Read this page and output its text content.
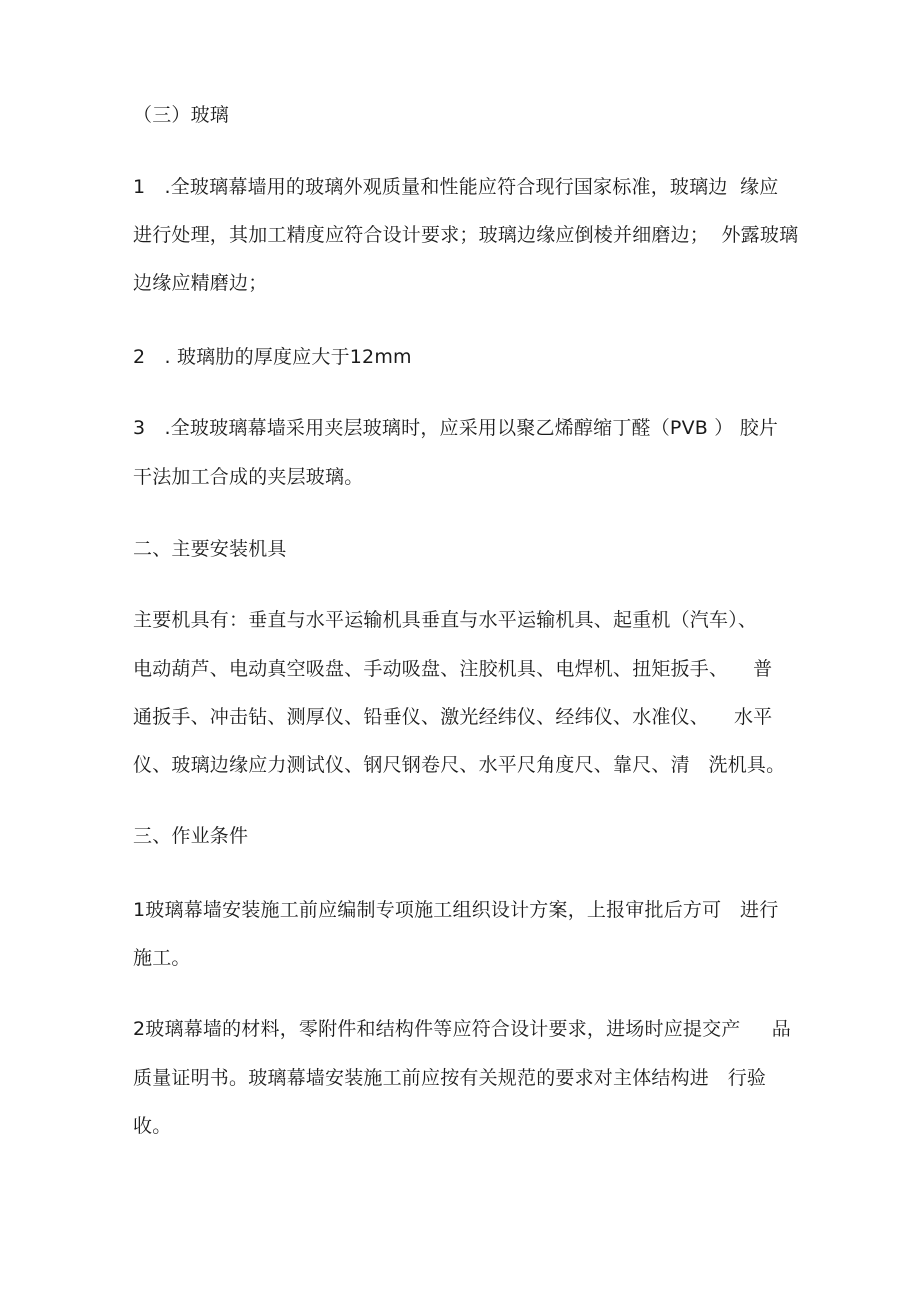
（三）玻璃
1　.全玻璃幕墙用的玻璃外观质量和性能应符合现行国家标准，玻璃边  缘应
进行处理，其加工精度应符合设计要求；玻璃边缘应倒棱并细磨边；  外露玻璃
边缘应精磨边；
2　. 玻璃肋的厚度应大于12mm
3　.全玻玻璃幕墙采用夹层玻璃时，应采用以聚乙烯醇缩丁醛（PVB ） 胶片
干法加工合成的夹层玻璃。
二、主要安装机具
主要机具有：垂直与水平运输机具垂直与水平运输机具、起重机（汽车）、
电动葫芦、电动真空吸盘、手动吸盘、注胶机具、电焊机、扭矩扳手、    普
通扳手、冲击钻、测厚仪、铅垂仪、激光经纬仪、经纬仪、水准仪、    水平
仪、玻璃边缘应力测试仪、钢尺钢卷尺、水平尺角度尺、靠尺、清   洗机具。
三、作业条件
1玻璃幕墙安装施工前应编制专项施工组织设计方案，上报审批后方可   进行
施工。
2玻璃幕墙的材料，零附件和结构件等应符合设计要求，进场时应提交产     品
质量证明书。玻璃幕墙安装施工前应按有关规范的要求对主体结构进   行验
收。
